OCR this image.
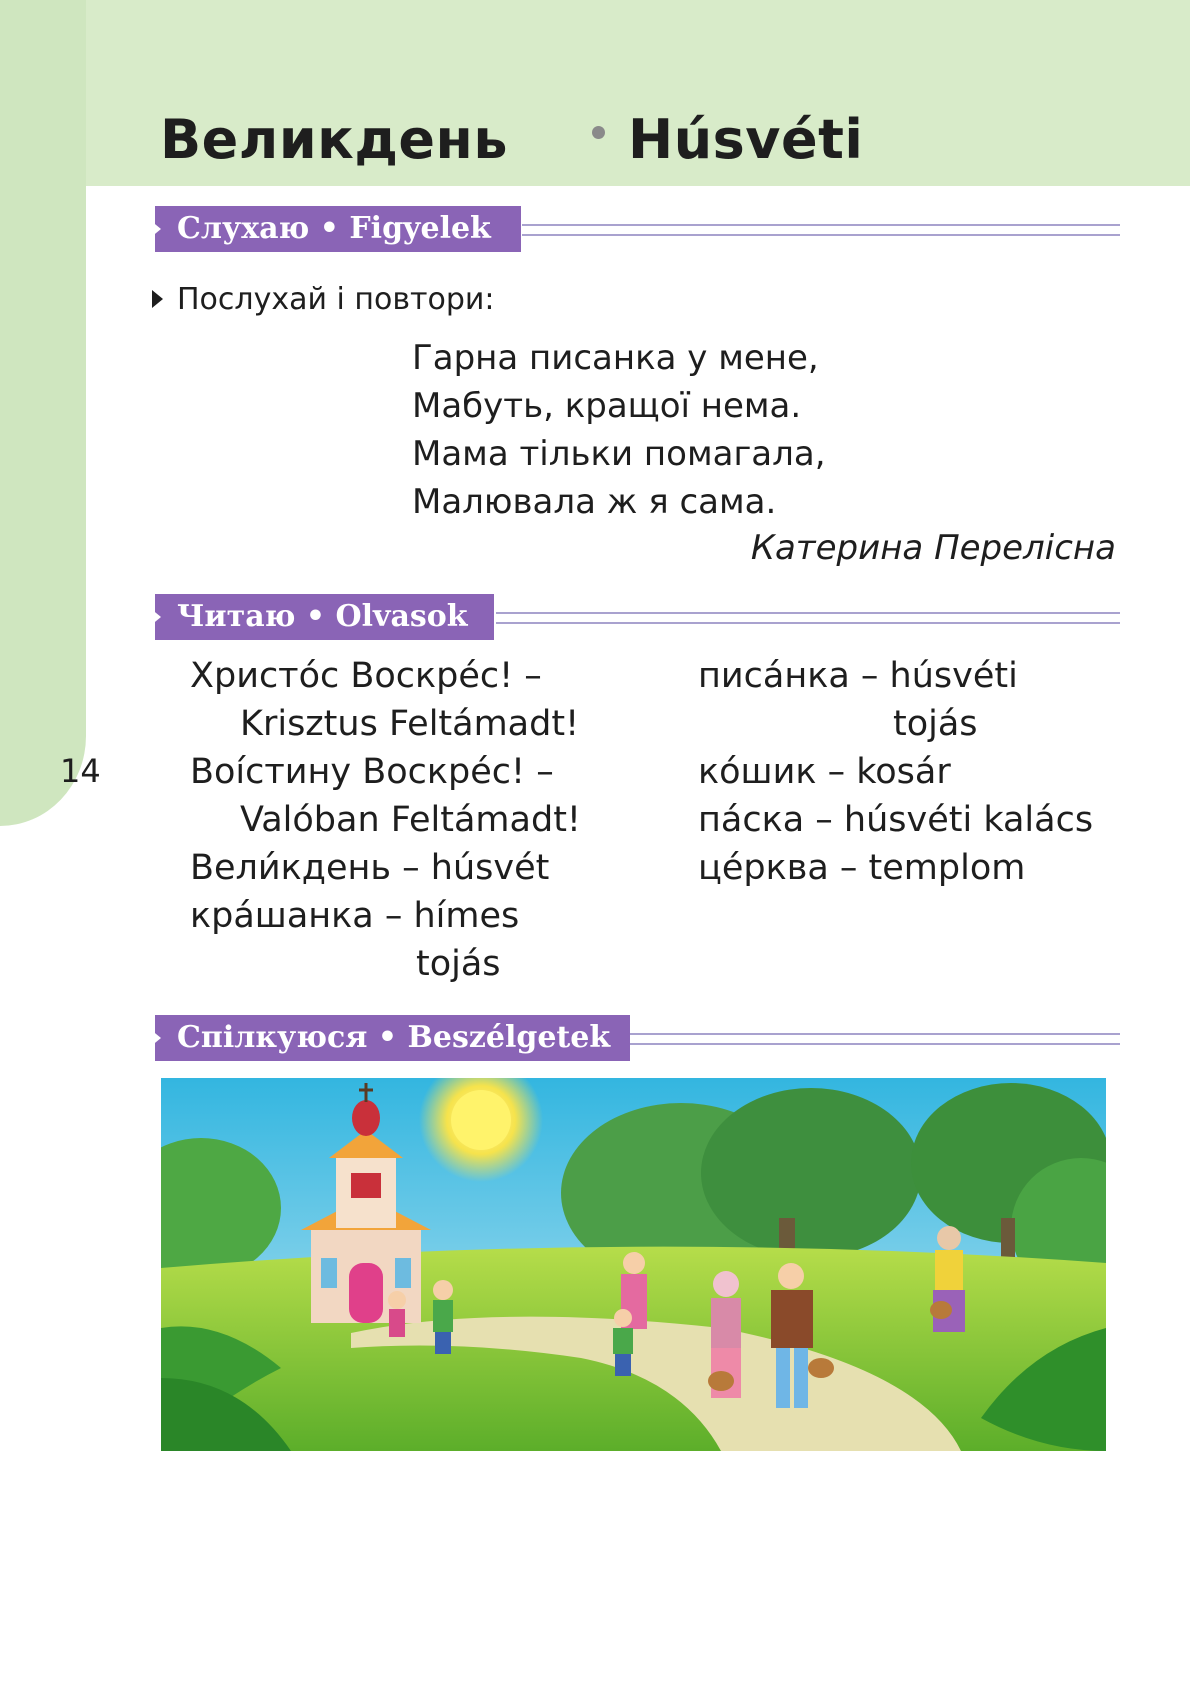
Великдень Húsvéti
Слухаю • Figyelek
Послухай і повтори:
Гарна писанка у мене,
Мабуть, кращої нема.
Мама тільки помагала,
Малювала ж я сама.
Катерина Перелісна
Читаю • Olvasok
14
Христо́с Воскре́с! –
Krisztus Feltámadt!
Воі́стину Воскре́с! –
Valóban Feltámadt!
Вели́кдень – húsvét
кра́шанка – hímes
tojás
писа́нка – húsvéti
tojás
ко́шик – kosár
па́ска – húsvéti kalács
це́рква – templom
Спілкуюся • Beszélgetek
